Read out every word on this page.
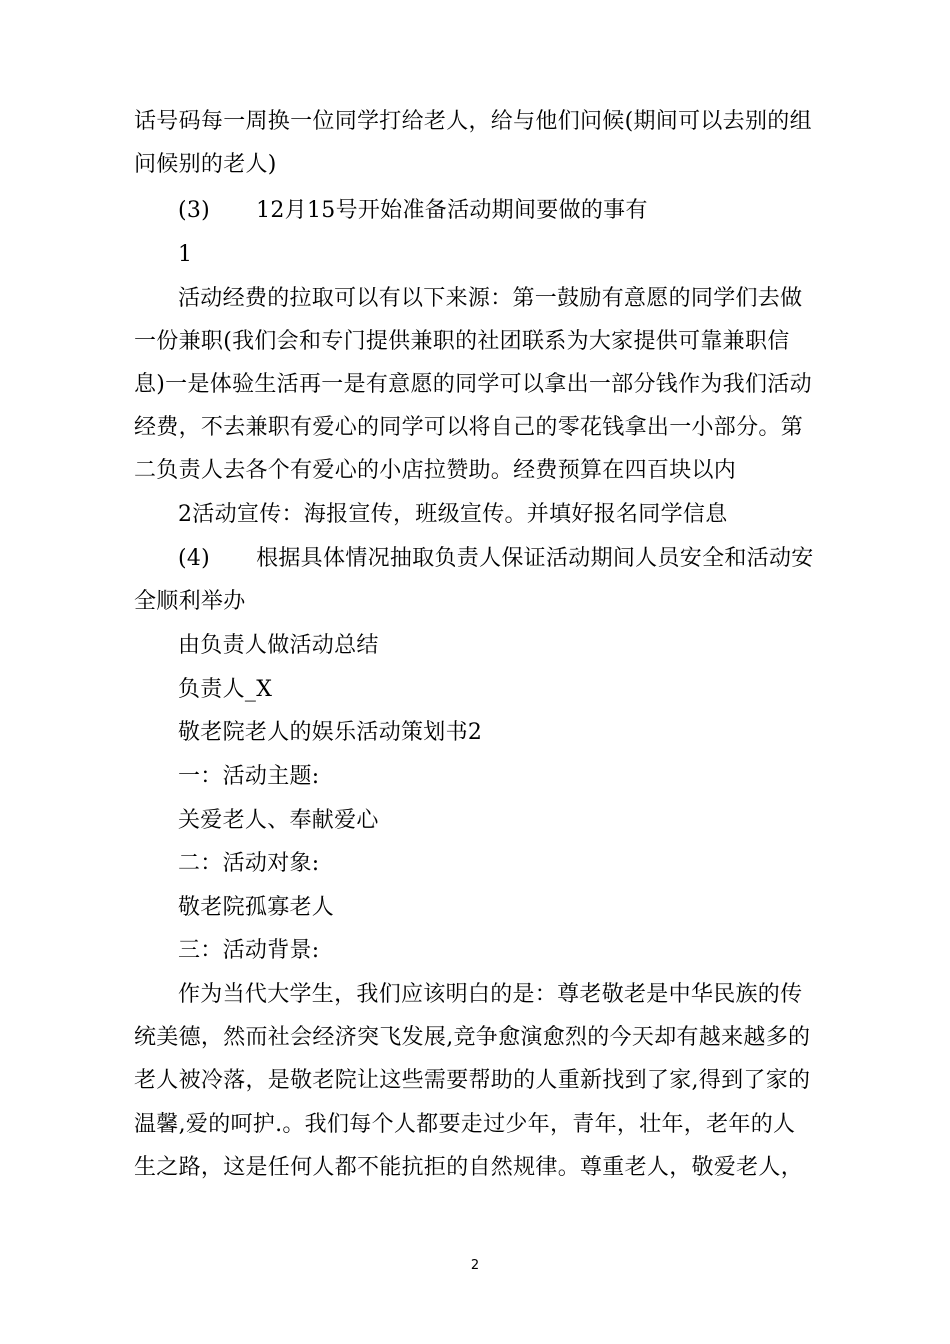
话号码每一周换一位同学打给老人，给与他们问候(期间可以去别的组
问候别的老人)
(3) 12月15号开始准备活动期间要做的事有
1
活动经费的拉取可以有以下来源：第一鼓励有意愿的同学们去做
一份兼职(我们会和专门提供兼职的社团联系为大家提供可靠兼职信
息)一是体验生活再一是有意愿的同学可以拿出一部分钱作为我们活动
经费，不去兼职有爱心的同学可以将自己的零花钱拿出一小部分。第
二负责人去各个有爱心的小店拉赞助。经费预算在四百块以内
2活动宣传：海报宣传，班级宣传。并填好报名同学信息
(4) 根据具体情况抽取负责人保证活动期间人员安全和活动安
全顺利举办
由负责人做活动总结
负责人_X
敬老院老人的娱乐活动策划书2
一：活动主题:
关爱老人、奉献爱心
二：活动对象:
敬老院孤寡老人
三：活动背景:
作为当代大学生，我们应该明白的是：尊老敬老是中华民族的传
统美德，然而社会经济突飞发展,竞争愈演愈烈的今天却有越来越多的
老人被冷落，是敬老院让这些需要帮助的人重新找到了家,得到了家的
温馨,爱的呵护.。我们每个人都要走过少年，青年，壮年，老年的人
生之路，这是任何人都不能抗拒的自然规律。尊重老人，敬爱老人，
2
